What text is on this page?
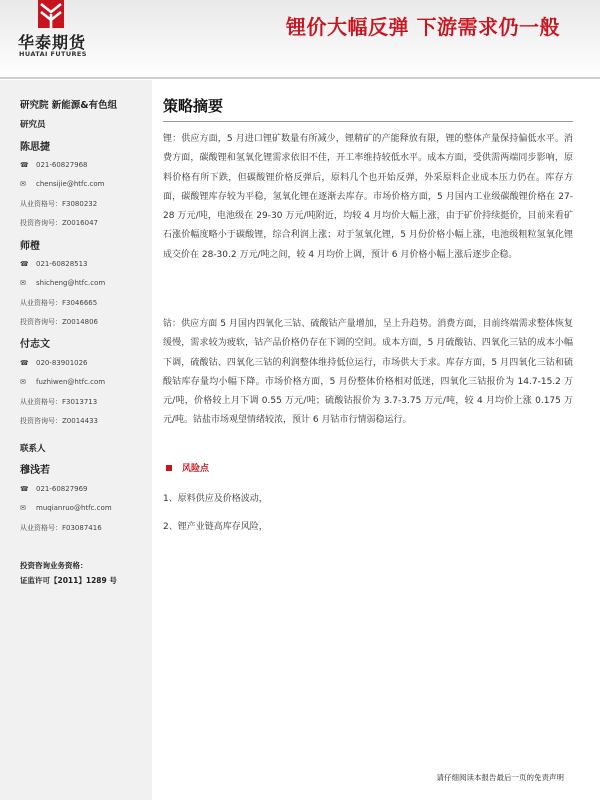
华泰期货
HUATAI FUTURES
锂价大幅反弹 下游需求仍一般
研究院 新能源&有色组
研究员
陈思捷
☎ 021-60827968
✉	chensijie@htfc.com
从业资格号：F3080232
投资咨询号：Z0016047
师橙
☎ 021-60828513
✉	shicheng@htfc.com
从业资格号：F3046665
投资咨询号：Z0014806
付志文
☎ 020-83901026
✉	fuzhiwen@htfc.com
从业资格号：F3013713
投资咨询号：Z0014433
联系人
穆浅若
☎ 021-60827969
✉	muqianruo@htfc.com
从业资格号：F03087416
投资咨询业务资格：
证监许可【2011】1289 号
策略摘要

锂：供应方面，5 月进口锂矿数量有所减少，锂精矿的产能释放有限，锂的整体产量保持偏低水平。消费方面，碳酸锂和氢氧化锂需求依旧不佳，开工率维持较低水平。成本方面，受供需两端同步影响，原料价格有所下跌，但碳酸锂价格反弹后，原料几个也开始反弹，外采原料企业成本压力仍在。库存方面，碳酸锂库存较为平稳，氢氧化锂在逐渐去库存。市场价格方面，5 月国内工业级碳酸锂价格在 27-28 万元/吨，电池级在 29-30 万元/吨附近，均较 4 月均价大幅上涨，由于矿价持续挺价，目前来看矿石涨价幅度略小于碳酸锂，综合利润上涨；对于氢氧化锂，5 月份价格小幅上涨，电池级粗粒氢氧化锂成交价在 28-30.2 万元/吨之间，较 4 月均价上调，预计 6 月价格小幅上涨后逐步企稳。

钴：供应方面 5 月国内四氧化三钴、硫酸钴产量增加，呈上升趋势。消费方面，目前终端需求整体恢复缓慢，需求较为疲软，钴产品价格仍存在下调的空间。成本方面，5 月硫酸钴、四氧化三钴的成本小幅下调，硫酸钴、四氧化三钴的利润整体维持低位运行，市场供大于求。库存方面，5 月四氧化三钴和硫酸钴库存量均小幅下降。市场价格方面，5 月份整体价格相对低迷，四氧化三钴报价为 14.7-15.2 万元/吨，价格较上月下调 0.55 万元/吨；硫酸钴报价为 3.7-3.75 万元/吨，较 4 月均价上涨 0.175 万元/吨。钴盐市场观望情绪较浓，预计 6 月钴市行情弱稳运行。

风险点
1、原料供应及价格波动，
2、锂产业链高库存风险，
请仔细阅读本报告最后一页的免责声明
